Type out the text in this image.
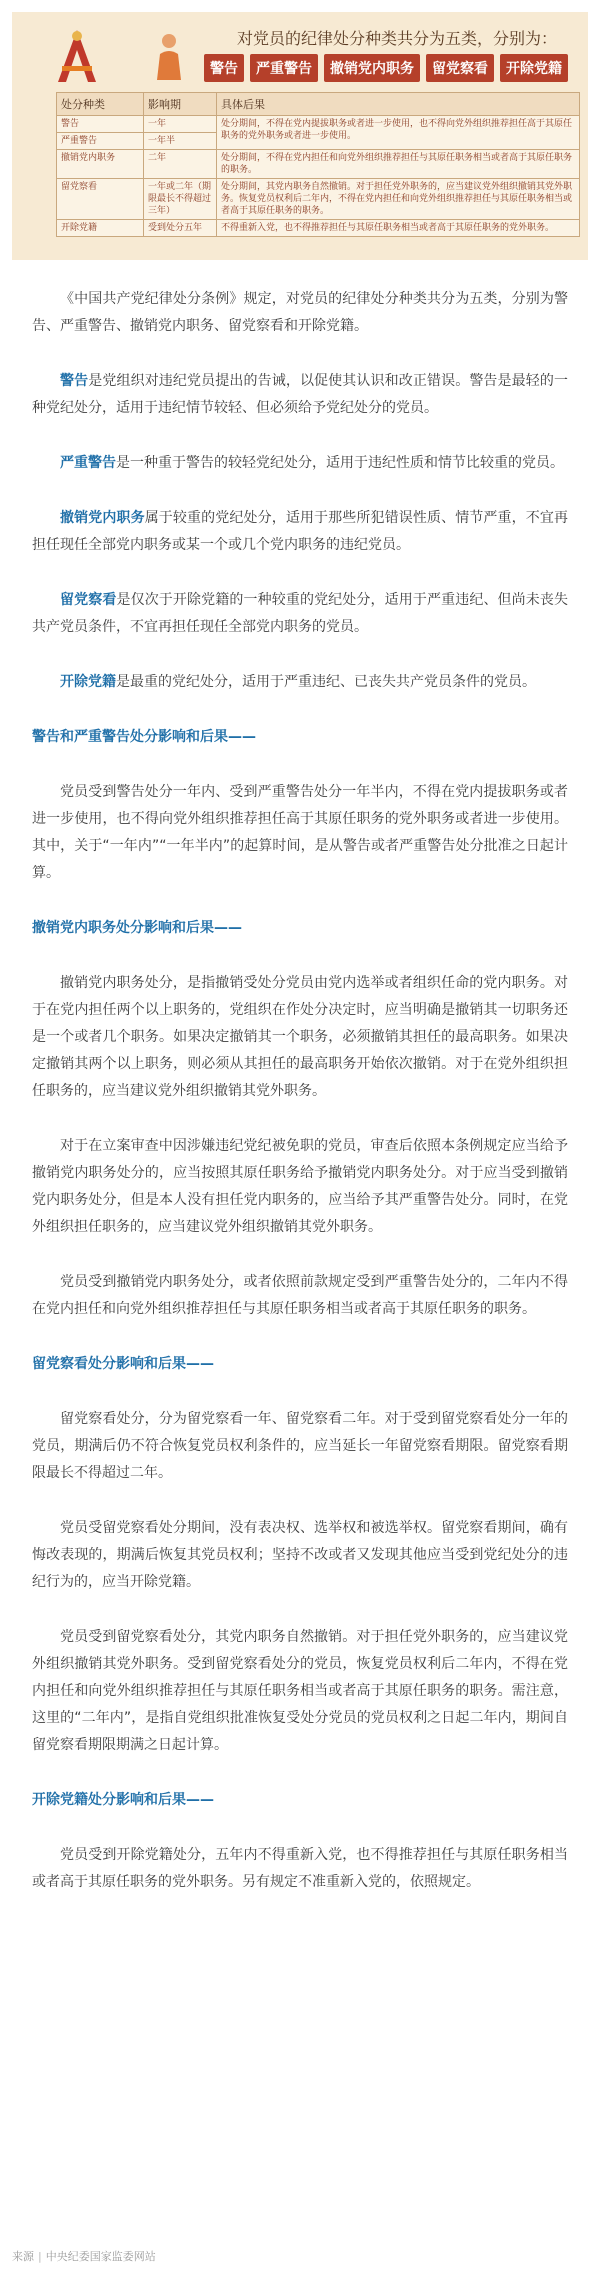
对党员的纪律处分种类共分为五类，分别为：
警告	严重警告	撤销党内职务	留党察看	开除党籍
处分种类	影响期	具体后果
警告	一年	处分期间，不得在党内提拔职务或者进一步使用，也不得向党外组织推荐担任高于其原任职务的党外职务或者进一步使用。
严重警告	一年半	
撤销党内职务	二年	处分期间，不得在党内担任和向党外组织推荐担任与其原任职务相当或者高于其原任职务的职务。
留党察看	一年或二年（期限最长不得超过三年）	处分期间，其党内职务自然撤销。对于担任党外职务的，应当建议党外组织撤销其党外职务。恢复党员权利后二年内，不得在党内担任和向党外组织推荐担任与其原任职务相当或者高于其原任职务的职务。
开除党籍	受到处分五年	不得重新入党，也不得推荐担任与其原任职务相当或者高于其原任职务的党外职务。

《中国共产党纪律处分条例》规定，对党员的纪律处分种类共分为五类，分别为警告、严重警告、撤销党内职务、留党察看和开除党籍。

警告是党组织对违纪党员提出的告诫，以促使其认识和改正错误。警告是最轻的一种党纪处分，适用于违纪情节较轻、但必须给予党纪处分的党员。

严重警告是一种重于警告的较轻党纪处分，适用于违纪性质和情节比较重的党员。

撤销党内职务属于较重的党纪处分，适用于那些所犯错误性质、情节严重，不宜再担任现任全部党内职务或某一个或几个党内职务的违纪党员。

留党察看是仅次于开除党籍的一种较重的党纪处分，适用于严重违纪、但尚未丧失共产党员条件，不宜再担任现任全部党内职务的党员。

开除党籍是最重的党纪处分，适用于严重违纪、已丧失共产党员条件的党员。

警告和严重警告处分影响和后果——

党员受到警告处分一年内、受到严重警告处分一年半内，不得在党内提拔职务或者进一步使用，也不得向党外组织推荐担任高于其原任职务的党外职务或者进一步使用。其中，关于“一年内”“一年半内”的起算时间，是从警告或者严重警告处分批准之日起计算。

撤销党内职务处分影响和后果——

撤销党内职务处分，是指撤销受处分党员由党内选举或者组织任命的党内职务。对于在党内担任两个以上职务的，党组织在作处分决定时，应当明确是撤销其一切职务还是一个或者几个职务。如果决定撤销其一个职务，必须撤销其担任的最高职务。如果决定撤销其两个以上职务，则必须从其担任的最高职务开始依次撤销。对于在党外组织担任职务的，应当建议党外组织撤销其党外职务。

对于在立案审查中因涉嫌违纪党纪被免职的党员，审查后依照本条例规定应当给予撤销党内职务处分的，应当按照其原任职务给予撤销党内职务处分。对于应当受到撤销党内职务处分，但是本人没有担任党内职务的，应当给予其严重警告处分。同时，在党外组织担任职务的，应当建议党外组织撤销其党外职务。

党员受到撤销党内职务处分，或者依照前款规定受到严重警告处分的，二年内不得在党内担任和向党外组织推荐担任与其原任职务相当或者高于其原任职务的职务。

留党察看处分影响和后果——

留党察看处分，分为留党察看一年、留党察看二年。对于受到留党察看处分一年的党员，期满后仍不符合恢复党员权利条件的，应当延长一年留党察看期限。留党察看期限最长不得超过二年。

党员受留党察看处分期间，没有表决权、选举权和被选举权。留党察看期间，确有悔改表现的，期满后恢复其党员权利；坚持不改或者又发现其他应当受到党纪处分的违纪行为的，应当开除党籍。

党员受到留党察看处分，其党内职务自然撤销。对于担任党外职务的，应当建议党外组织撤销其党外职务。受到留党察看处分的党员，恢复党员权利后二年内，不得在党内担任和向党外组织推荐担任与其原任职务相当或者高于其原任职务的职务。需注意，这里的“二年内”，是指自党组织批准恢复受处分党员的党员权利之日起二年内，期间自留党察看期限期满之日起计算。

开除党籍处分影响和后果——

党员受到开除党籍处分，五年内不得重新入党，也不得推荐担任与其原任职务相当或者高于其原任职务的党外职务。另有规定不准重新入党的，依照规定。

来源 | 中央纪委国家监委网站
